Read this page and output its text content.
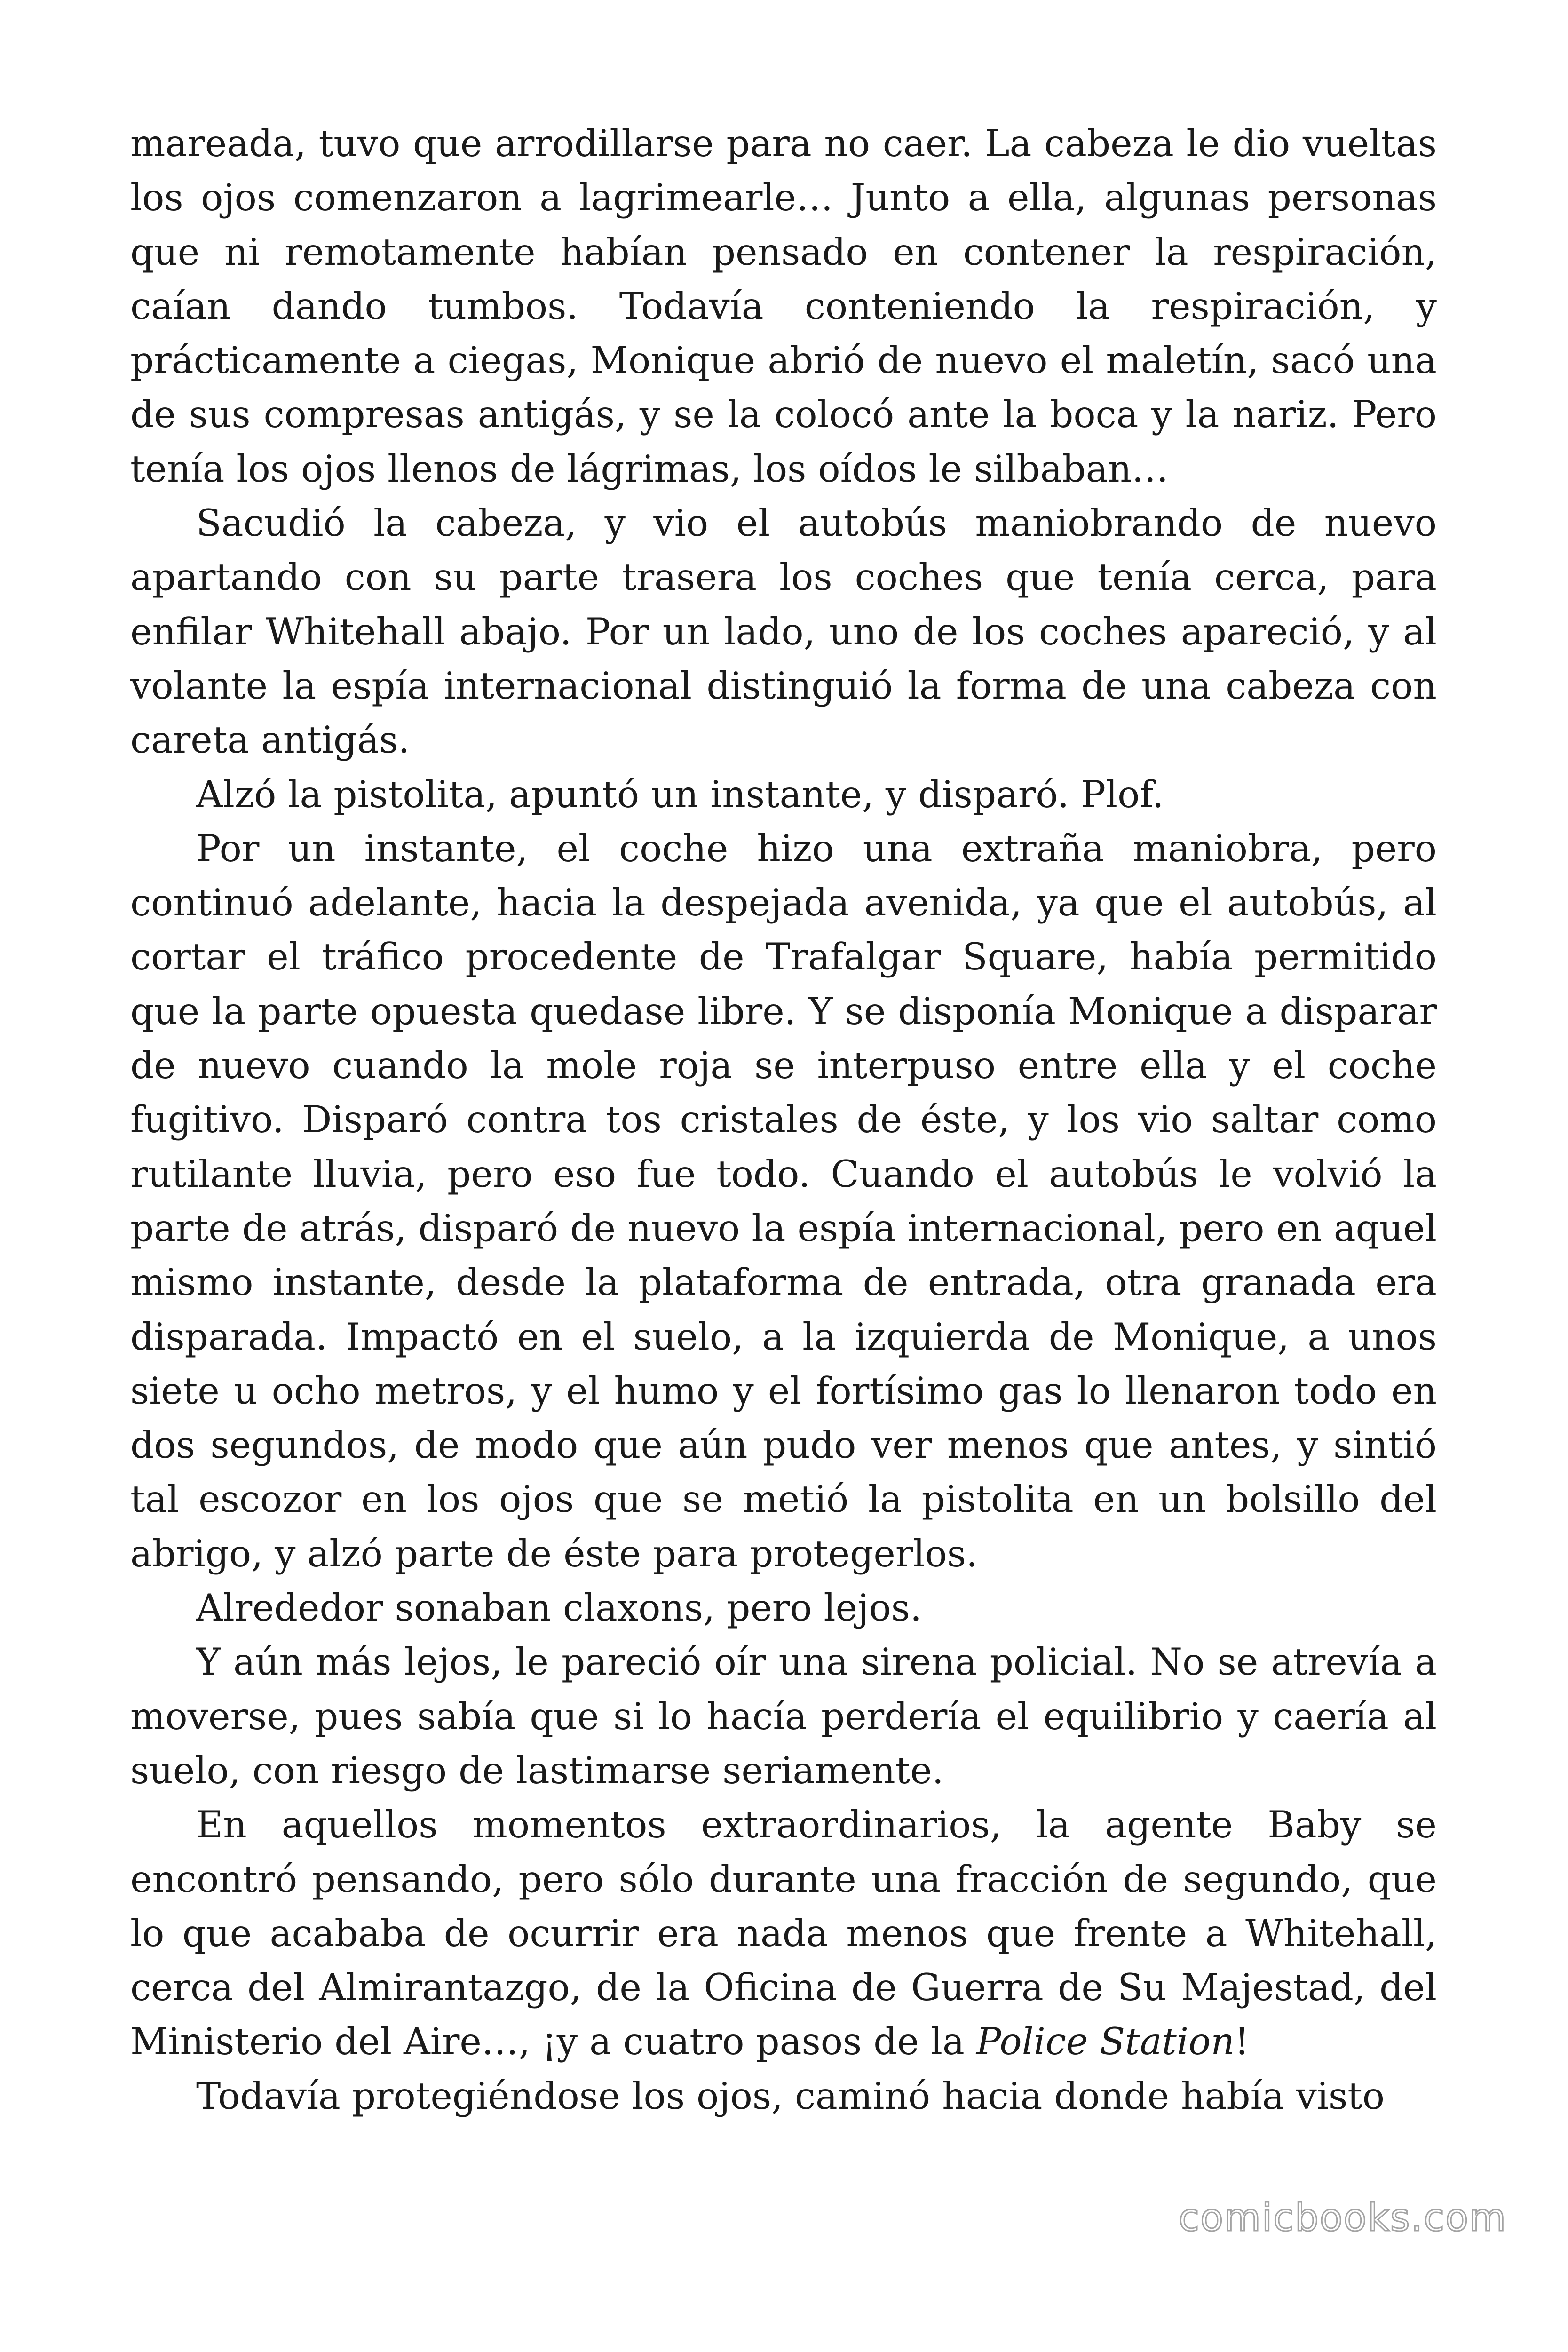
mareada, tuvo que arrodillarse para no caer. La cabeza le dio vueltas los ojos comenzaron a lagrimearle… Junto a ella, algunas personas que ni remotamente habían pensado en contener la respiración, caían dando tumbos. Todavía conteniendo la respiración, y prácticamente a ciegas, Monique abrió de nuevo el maletín, sacó una de sus compresas antigás, y se la colocó ante la boca y la nariz. Pero tenía los ojos llenos de lágrimas, los oídos le silbaban…

Sacudió la cabeza, y vio el autobús maniobrando de nuevo apartando con su parte trasera los coches que tenía cerca, para enfilar Whitehall abajo. Por un lado, uno de los coches apareció, y al volante la espía internacional distinguió la forma de una cabeza con careta antigás.

Alzó la pistolita, apuntó un instante, y disparó. Plof.

Por un instante, el coche hizo una extraña maniobra, pero continuó adelante, hacia la despejada avenida, ya que el autobús, al cortar el tráfico procedente de Trafalgar Square, había permitido que la parte opuesta quedase libre. Y se disponía Monique a disparar de nuevo cuando la mole roja se interpuso entre ella y el coche fugitivo. Disparó contra tos cristales de éste, y los vio saltar como rutilante lluvia, pero eso fue todo. Cuando el autobús le volvió la parte de atrás, disparó de nuevo la espía internacional, pero en aquel mismo instante, desde la plataforma de entrada, otra granada era disparada. Impactó en el suelo, a la izquierda de Monique, a unos siete u ocho metros, y el humo y el fortísimo gas lo llenaron todo en dos segundos, de modo que aún pudo ver menos que antes, y sintió tal escozor en los ojos que se metió la pistolita en un bolsillo del abrigo, y alzó parte de éste para protegerlos.

Alrededor sonaban claxons, pero lejos.

Y aún más lejos, le pareció oír una sirena policial. No se atrevía a moverse, pues sabía que si lo hacía perdería el equilibrio y caería al suelo, con riesgo de lastimarse seriamente.

En aquellos momentos extraordinarios, la agente Baby se encontró pensando, pero sólo durante una fracción de segundo, que lo que acababa de ocurrir era nada menos que frente a Whitehall, cerca del Almirantazgo, de la Oficina de Guerra de Su Majestad, del Ministerio del Aire…, ¡y a cuatro pasos de la Police Station!

Todavía protegiéndose los ojos, caminó hacia donde había visto

comicbooks.com
